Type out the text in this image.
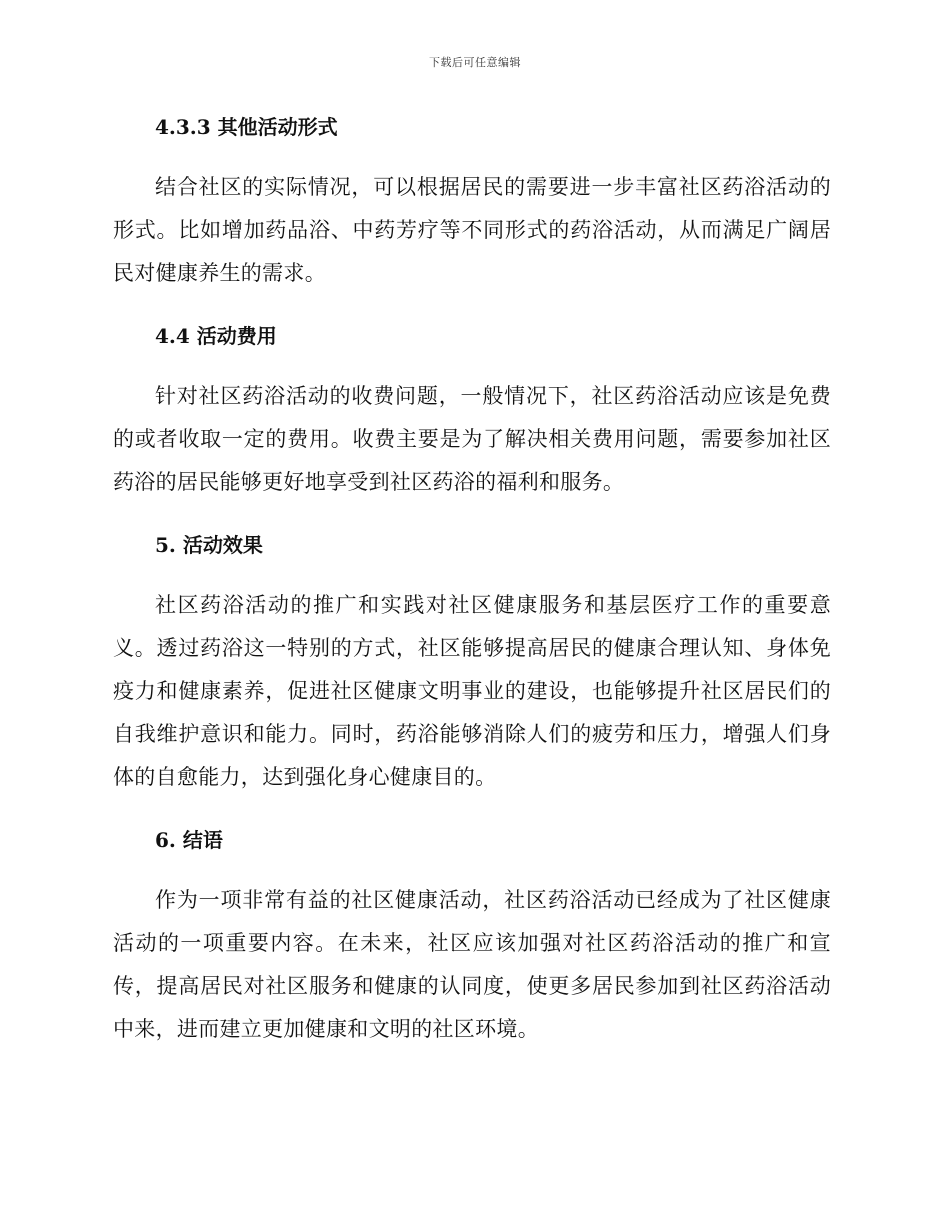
下载后可任意编辑
4.3.3 其他活动形式

结合社区的实际情况，可以根据居民的需要进一步丰富社区药浴活动的形式。比如增加药品浴、中药芳疗等不同形式的药浴活动，从而满足广阔居民对健康养生的需求。

4.4 活动费用

针对社区药浴活动的收费问题，一般情况下，社区药浴活动应该是免费的或者收取一定的费用。收费主要是为了解决相关费用问题，需要参加社区药浴的居民能够更好地享受到社区药浴的福利和服务。

5. 活动效果

社区药浴活动的推广和实践对社区健康服务和基层医疗工作的重要意义。透过药浴这一特别的方式，社区能够提高居民的健康合理认知、身体免疫力和健康素养，促进社区健康文明事业的建设，也能够提升社区居民们的自我维护意识和能力。同时，药浴能够消除人们的疲劳和压力，增强人们身体的自愈能力，达到强化身心健康目的。

6. 结语

作为一项非常有益的社区健康活动，社区药浴活动已经成为了社区健康活动的一项重要内容。在未来，社区应该加强对社区药浴活动的推广和宣传，提高居民对社区服务和健康的认同度，使更多居民参加到社区药浴活动中来，进而建立更加健康和文明的社区环境。
